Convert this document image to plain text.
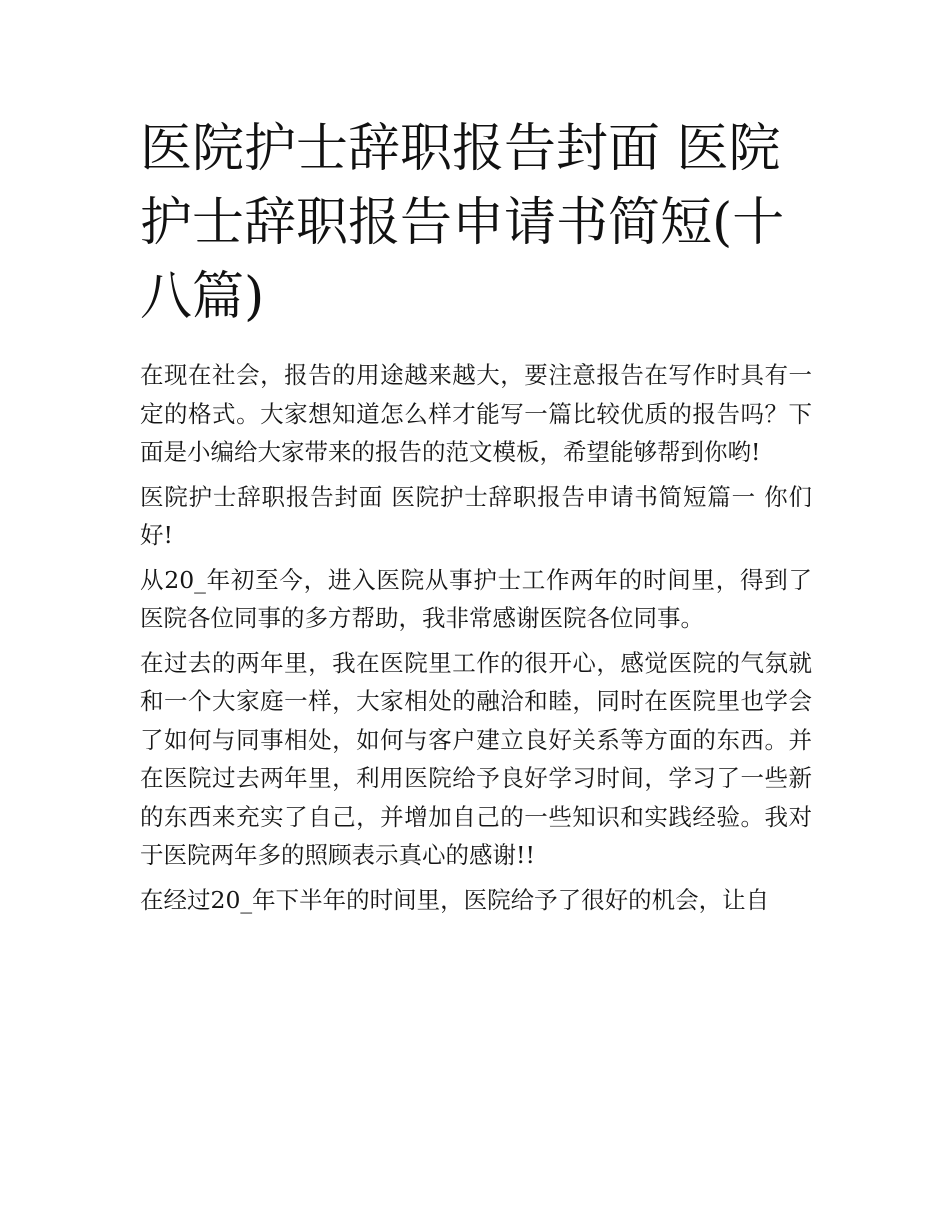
医院护士辞职报告封面 医院护士辞职报告申请书简短(十八篇)

在现在社会，报告的用途越来越大，要注意报告在写作时具有一定的格式。大家想知道怎么样才能写一篇比较优质的报告吗？下面是小编给大家带来的报告的范文模板，希望能够帮到你哟!

医院护士辞职报告封面 医院护士辞职报告申请书简短篇一 你们好!

从20_年初至今，进入医院从事护士工作两年的时间里，得到了医院各位同事的多方帮助，我非常感谢医院各位同事。

在过去的两年里，我在医院里工作的很开心，感觉医院的气氛就和一个大家庭一样，大家相处的融洽和睦，同时在医院里也学会了如何与同事相处，如何与客户建立良好关系等方面的东西。并在医院过去两年里，利用医院给予良好学习时间，学习了一些新的东西来充实了自己，并增加自己的一些知识和实践经验。我对于医院两年多的照顾表示真心的感谢!!

在经过20_年下半年的时间里，医院给予了很好的机会，让自
